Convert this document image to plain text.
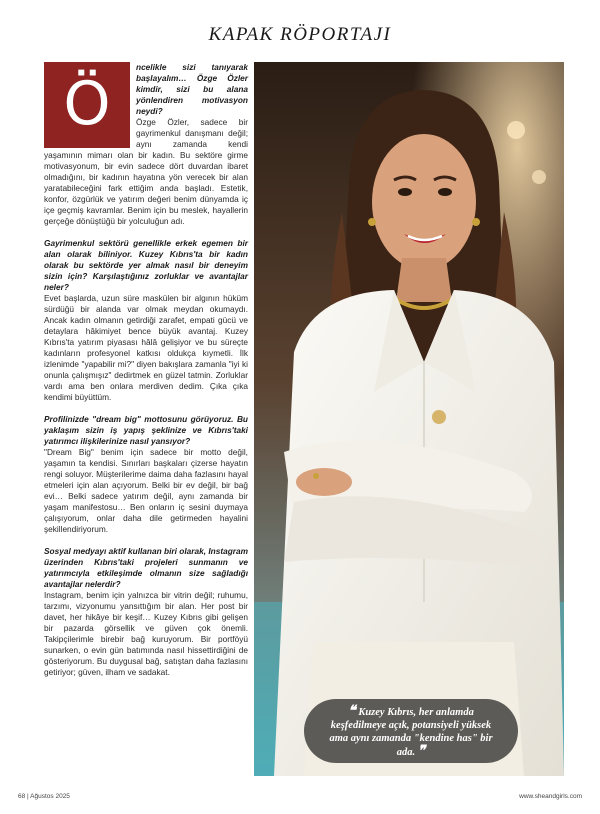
KAPAK RÖPORTAJI
Ö
ncelikle sizi tanıyarak başlayalım… Özge Özler kimdir, sizi bu alana yönlendiren motivasyon neydi?
Özge Özler, sadece bir gayrimenkul danışmanı değil; aynı zamanda kendi yaşamının mimarı olan bir kadın. Bu sektöre girme motivasyonum, bir evin sadece dört duvardan ibaret olmadığını, bir kadının hayatına yön verecek bir alan yaratabileceğini fark ettiğim anda başladı. Estetik, konfor, özgürlük ve yatırım değeri benim dünyamda iç içe geçmiş kavramlar. Benim için bu meslek, hayallerin gerçeğe dönüştüğü bir yolculuğun adı.
Gayrimenkul sektörü genellikle erkek egemen bir alan olarak biliniyor. Kuzey Kıbrıs'ta bir kadın olarak bu sektörde yer almak nasıl bir deneyim sizin için? Karşılaştığınız zorluklar ve avantajlar neler?
Evet başlarda, uzun süre maskülen bir algının hüküm sürdüğü bir alanda var olmak meydan okumaydı. Ancak kadın olmanın getirdiği zarafet, empati gücü ve detaylara hâkimiyet bence büyük avantaj. Kuzey Kıbrıs'ta yatırım piyasası hâlâ gelişiyor ve bu süreçte kadınların profesyonel katkısı oldukça kıymetli. İlk izlenimde "yapabilir mi?" diyen bakışlara zamanla "iyi ki onunla çalışmışız" dedirtmek en güzel tatmin. Zorluklar vardı ama ben onlara merdiven dedim. Çıka çıka kendimi büyüttüm.
Profilinizde "dream big" mottosunu görüyoruz. Bu yaklaşım sizin iş yapış şeklinize ve Kıbrıs'taki yatırımcı ilişkilerinize nasıl yansıyor?
"Dream Big" benim için sadece bir motto değil, yaşamın ta kendisi. Sınırları başkaları çizerse hayatın rengi soluyor. Müşterilerime daima daha fazlasını hayal etmeleri için alan açıyorum. Belki bir ev değil, bir bağ evi… Belki sadece yatırım değil, aynı zamanda bir yaşam manifestosu… Ben onların iç sesini duymaya çalışıyorum, onlar daha dile getirmeden hayalini şekillendiriyorum.
Sosyal medyayı aktif kullanan biri olarak, Instagram üzerinden Kıbrıs'taki projeleri sunmanın ve yatırımcıyla etkileşimde olmanın size sağladığı avantajlar nelerdir?
Instagram, benim için yalnızca bir vitrin değil; ruhumu, tarzımı, vizyonumu yansıttığım bir alan. Her post bir davet, her hikâye bir keşif… Kuzey Kıbrıs gibi gelişen bir pazarda görsellik ve güven çok önemli. Takipçilerimle birebir bağ kuruyorum. Bir portföyü sunarken, o evin gün batımında nasıl hissettirdiğini de gösteriyorum. Bu duygusal bağ, satıştan daha fazlasını getiriyor; güven, ilham ve sadakat.
❝ Kuzey Kıbrıs, her anlamda keşfedilmeye açık, potansiyeli yüksek ama aynı zamanda "kendine has" bir ada. ❞
68 | Ağustos 2025	www.sheandgirls.com
